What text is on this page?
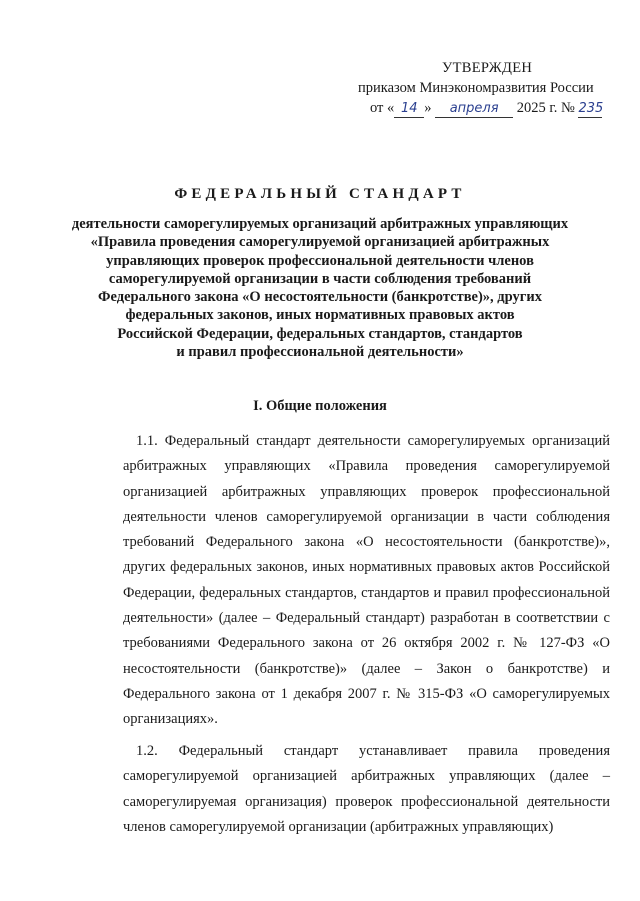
УТВЕРЖДЕН
приказом Минэкономразвития России
от « 14 » апреля 2025 г. № 235
ФЕДЕРАЛЬНЫЙ СТАНДАРТ
деятельности саморегулируемых организаций арбитражных управляющих
«Правила проведения саморегулируемой организацией арбитражных
управляющих проверок профессиональной деятельности членов
саморегулируемой организации в части соблюдения требований
Федерального закона «О несостоятельности (банкротстве)», других
федеральных законов, иных нормативных правовых актов
Российской Федерации, федеральных стандартов, стандартов
и правил профессиональной деятельности»
I. Общие положения

1.1. Федеральный стандарт деятельности саморегулируемых организаций арбитражных управляющих «Правила проведения саморегулируемой организацией арбитражных управляющих проверок профессиональной деятельности членов саморегулируемой организации в части соблюдения требований Федерального закона «О несостоятельности (банкротстве)», других федеральных законов, иных нормативных правовых актов Российской Федерации, федеральных стандартов, стандартов и правил профессиональной деятельности» (далее – Федеральный стандарт) разработан в соответствии с требованиями Федерального закона от 26 октября 2002 г. № 127-ФЗ «О несостоятельности (банкротстве)» (далее – Закон о банкротстве) и Федерального закона от 1 декабря 2007 г. № 315-ФЗ «О саморегулируемых организациях».

1.2. Федеральный стандарт устанавливает правила проведения саморегулируемой организацией арбитражных управляющих (далее – саморегулируемая организация) проверок профессиональной деятельности членов саморегулируемой организации (арбитражных управляющих)
